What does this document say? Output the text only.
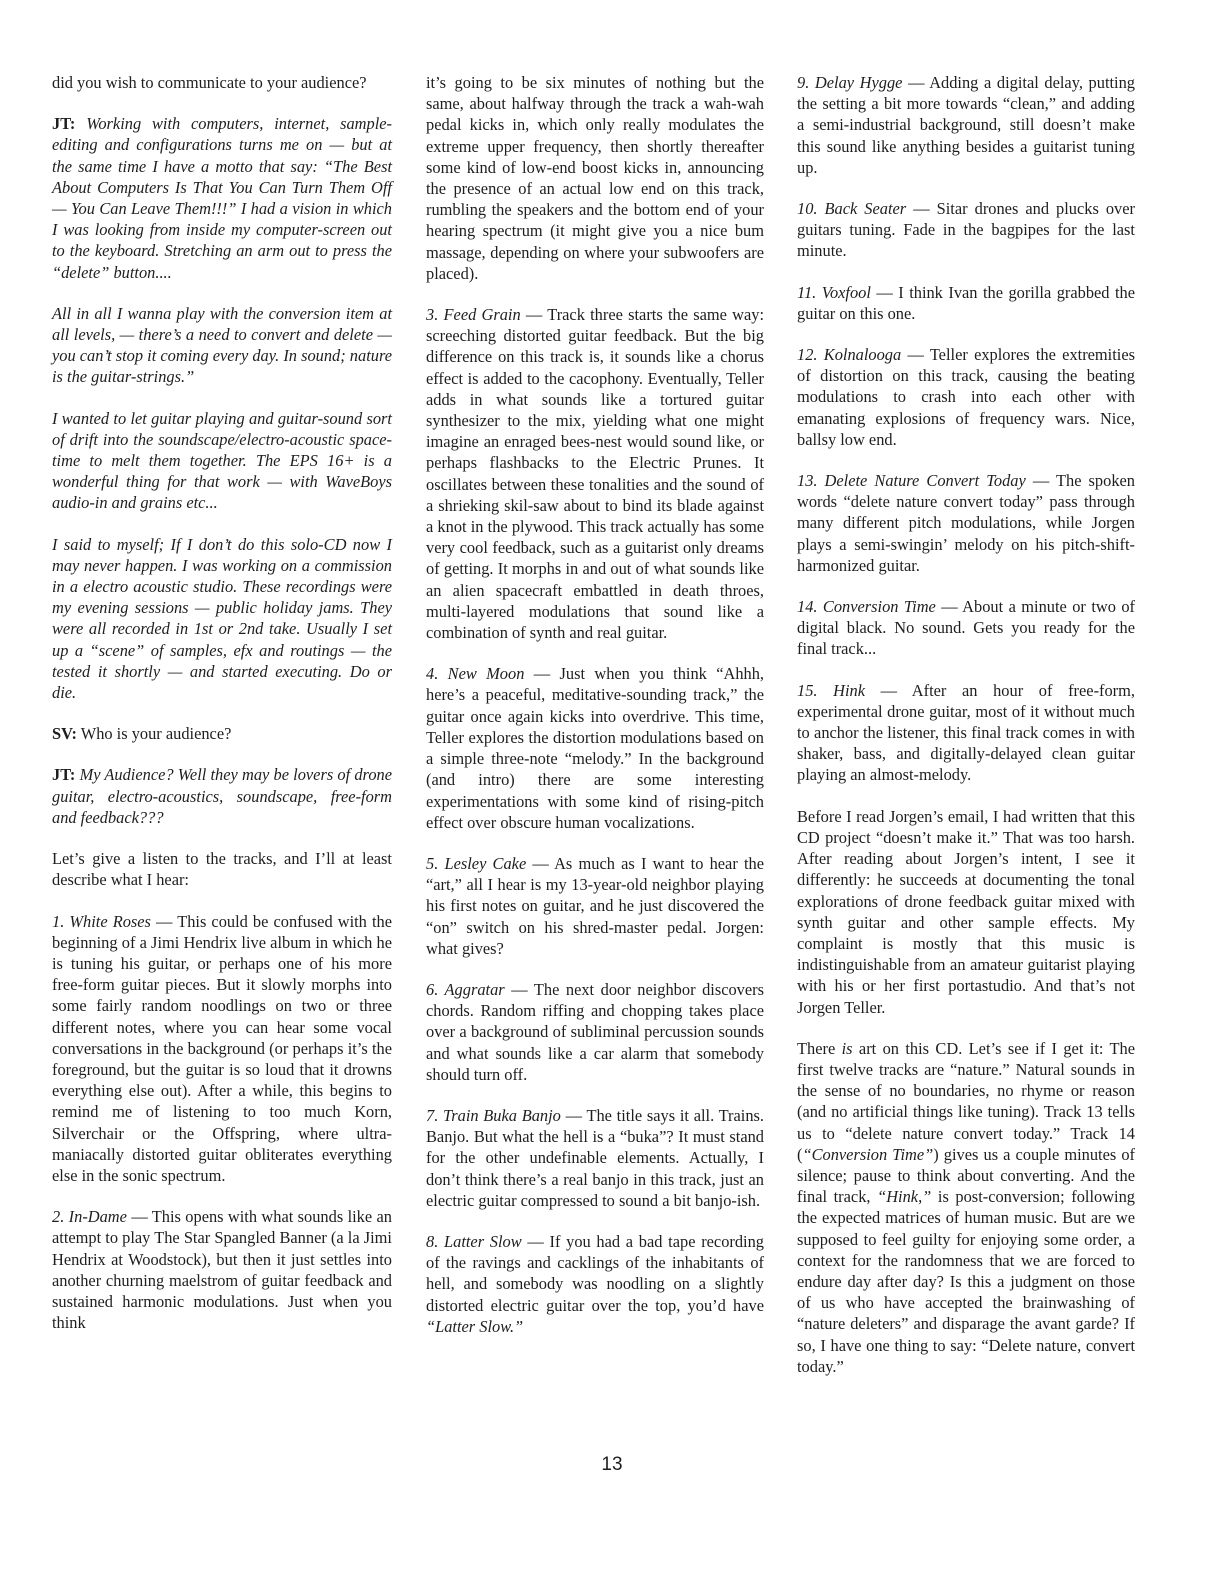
did you wish to communicate to your audience?

JT: Working with computers, internet, sample-editing and configurations turns me on — but at the same time I have a motto that say: “The Best About Computers Is That You Can Turn Them Off — You Can Leave Them!!!” I had a vision in which I was looking from inside my computer-screen out to the keyboard. Stretching an arm out to press the “delete” button....

All in all I wanna play with the conversion item at all levels, — there’s a need to convert and delete — you can’t stop it coming every day. In sound; nature is the guitar-strings.”

I wanted to let guitar playing and guitar-sound sort of drift into the soundscape/electro-acoustic space-time to melt them together. The EPS 16+ is a wonderful thing for that work — with WaveBoys audio-in and grains etc...

I said to myself; If I don’t do this solo-CD now I may never happen. I was working on a commission in a electro acoustic studio. These recordings were my evening sessions — public holiday jams. They were all recorded in 1st or 2nd take. Usually I set up a “scene” of samples, efx and routings — the tested it shortly — and started executing. Do or die.

SV: Who is your audience?

JT: My Audience? Well they may be lovers of drone guitar, electro-acoustics, soundscape, free-form and feedback???

Let’s give a listen to the tracks, and I’ll at least describe what I hear:

1. White Roses — This could be confused with the beginning of a Jimi Hendrix live album in which he is tuning his guitar, or perhaps one of his more free-form guitar pieces. But it slowly morphs into some fairly random noodlings on two or three different notes, where you can hear some vocal conversations in the background (or perhaps it’s the foreground, but the guitar is so loud that it drowns everything else out). After a while, this begins to remind me of listening to too much Korn, Silverchair or the Offspring, where ultra-maniacally distorted guitar obliterates everything else in the sonic spectrum.

2. In-Dame — This opens with what sounds like an attempt to play The Star Spangled Banner (a la Jimi Hendrix at Woodstock), but then it just settles into another churning maelstrom of guitar feedback and sustained harmonic modulations. Just when you think

it’s going to be six minutes of nothing but the same, about halfway through the track a wah-wah pedal kicks in, which only really modulates the extreme upper frequency, then shortly thereafter some kind of low-end boost kicks in, announcing the presence of an actual low end on this track, rumbling the speakers and the bottom end of your hearing spectrum (it might give you a nice bum massage, depending on where your subwoofers are placed).

3. Feed Grain — Track three starts the same way: screeching distorted guitar feedback. But the big difference on this track is, it sounds like a chorus effect is added to the cacophony. Eventually, Teller adds in what sounds like a tortured guitar synthesizer to the mix, yielding what one might imagine an enraged bees-nest would sound like, or perhaps flashbacks to the Electric Prunes. It oscillates between these tonalities and the sound of a shrieking skil-saw about to bind its blade against a knot in the plywood. This track actually has some very cool feedback, such as a guitarist only dreams of getting. It morphs in and out of what sounds like an alien spacecraft embattled in death throes, multi-layered modulations that sound like a combination of synth and real guitar.

4. New Moon — Just when you think “Ahhh, here’s a peaceful, meditative-sounding track,” the guitar once again kicks into overdrive. This time, Teller explores the distortion modulations based on a simple three-note “melody.” In the background (and intro) there are some interesting experimentations with some kind of rising-pitch effect over obscure human vocalizations.

5. Lesley Cake — As much as I want to hear the “art,” all I hear is my 13-year-old neighbor playing his first notes on guitar, and he just discovered the “on” switch on his shred-master pedal. Jorgen: what gives?

6. Aggratar — The next door neighbor discovers chords. Random riffing and chopping takes place over a background of subliminal percussion sounds and what sounds like a car alarm that somebody should turn off.

7. Train Buka Banjo — The title says it all. Trains. Banjo. But what the hell is a “buka”? It must stand for the other undefinable elements. Actually, I don’t think there’s a real banjo in this track, just an electric guitar compressed to sound a bit banjo-ish.

8. Latter Slow — If you had a bad tape recording of the ravings and cacklings of the inhabitants of hell, and somebody was noodling on a slightly distorted electric guitar over the top, you’d have “Latter Slow.”

9. Delay Hygge — Adding a digital delay, putting the setting a bit more towards “clean,” and adding a semi-industrial background, still doesn’t make this sound like anything besides a guitarist tuning up.

10. Back Seater — Sitar drones and plucks over guitars tuning. Fade in the bagpipes for the last minute.

11. Voxfool — I think Ivan the gorilla grabbed the guitar on this one.

12. Kolnalooga — Teller explores the extremities of distortion on this track, causing the beating modulations to crash into each other with emanating explosions of frequency wars. Nice, ballsy low end.

13. Delete Nature Convert Today — The spoken words “delete nature convert today” pass through many different pitch modulations, while Jorgen plays a semi-swingin’ melody on his pitch-shift-harmonized guitar.

14. Conversion Time — About a minute or two of digital black. No sound. Gets you ready for the final track...

15. Hink — After an hour of free-form, experimental drone guitar, most of it without much to anchor the listener, this final track comes in with shaker, bass, and digitally-delayed clean guitar playing an almost-melody.

Before I read Jorgen’s email, I had written that this CD project “doesn’t make it.” That was too harsh. After reading about Jorgen’s intent, I see it differently: he succeeds at documenting the tonal explorations of drone feedback guitar mixed with synth guitar and other sample effects. My complaint is mostly that this music is indistinguishable from an amateur guitarist playing with his or her first portastudio. And that’s not Jorgen Teller.

There is art on this CD. Let’s see if I get it: The first twelve tracks are “nature.” Natural sounds in the sense of no boundaries, no rhyme or reason (and no artificial things like tuning). Track 13 tells us to “delete nature convert today.” Track 14 (“Conversion Time”) gives us a couple minutes of silence; pause to think about converting. And the final track, “Hink,” is post-conversion; following the expected matrices of human music. But are we supposed to feel guilty for enjoying some order, a context for the randomness that we are forced to endure day after day? Is this a judgment on those of us who have accepted the brainwashing of “nature deleters” and disparage the avant garde? If so, I have one thing to say: “Delete nature, convert today.”

13
